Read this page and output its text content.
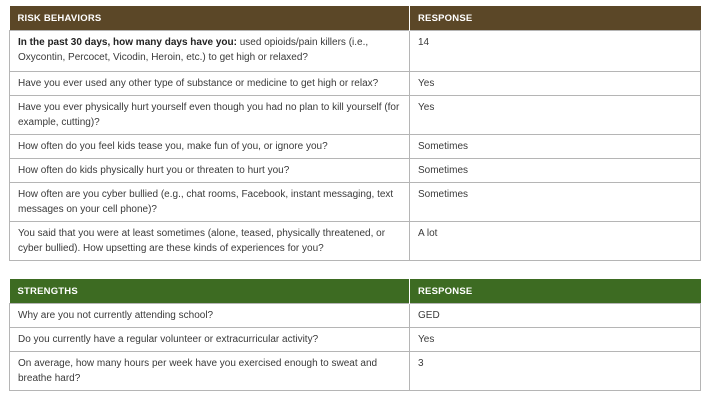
RISK BEHAVIORS	RESPONSE
In the past 30 days, how many days have you: used opioids/pain killers (i.e., Oxycontin, Percocet, Vicodin, Heroin, etc.) to get high or relaxed?	14
Have you ever used any other type of substance or medicine to get high or relax?	Yes
Have you ever physically hurt yourself even though you had no plan to kill yourself (for example, cutting)?	Yes
How often do you feel kids tease you, make fun of you, or ignore you?	Sometimes
How often do kids physically hurt you or threaten to hurt you?	Sometimes
How often are you cyber bullied (e.g., chat rooms, Facebook, instant messaging, text messages on your cell phone)?	Sometimes
You said that you were at least sometimes (alone, teased, physically threatened, or cyber bullied). How upsetting are these kinds of experiences for you?	A lot
STRENGTHS	RESPONSE
Why are you not currently attending school?	GED
Do you currently have a regular volunteer or extracurricular activity?	Yes
On average, how many hours per week have you exercised enough to sweat and breathe hard?	3
